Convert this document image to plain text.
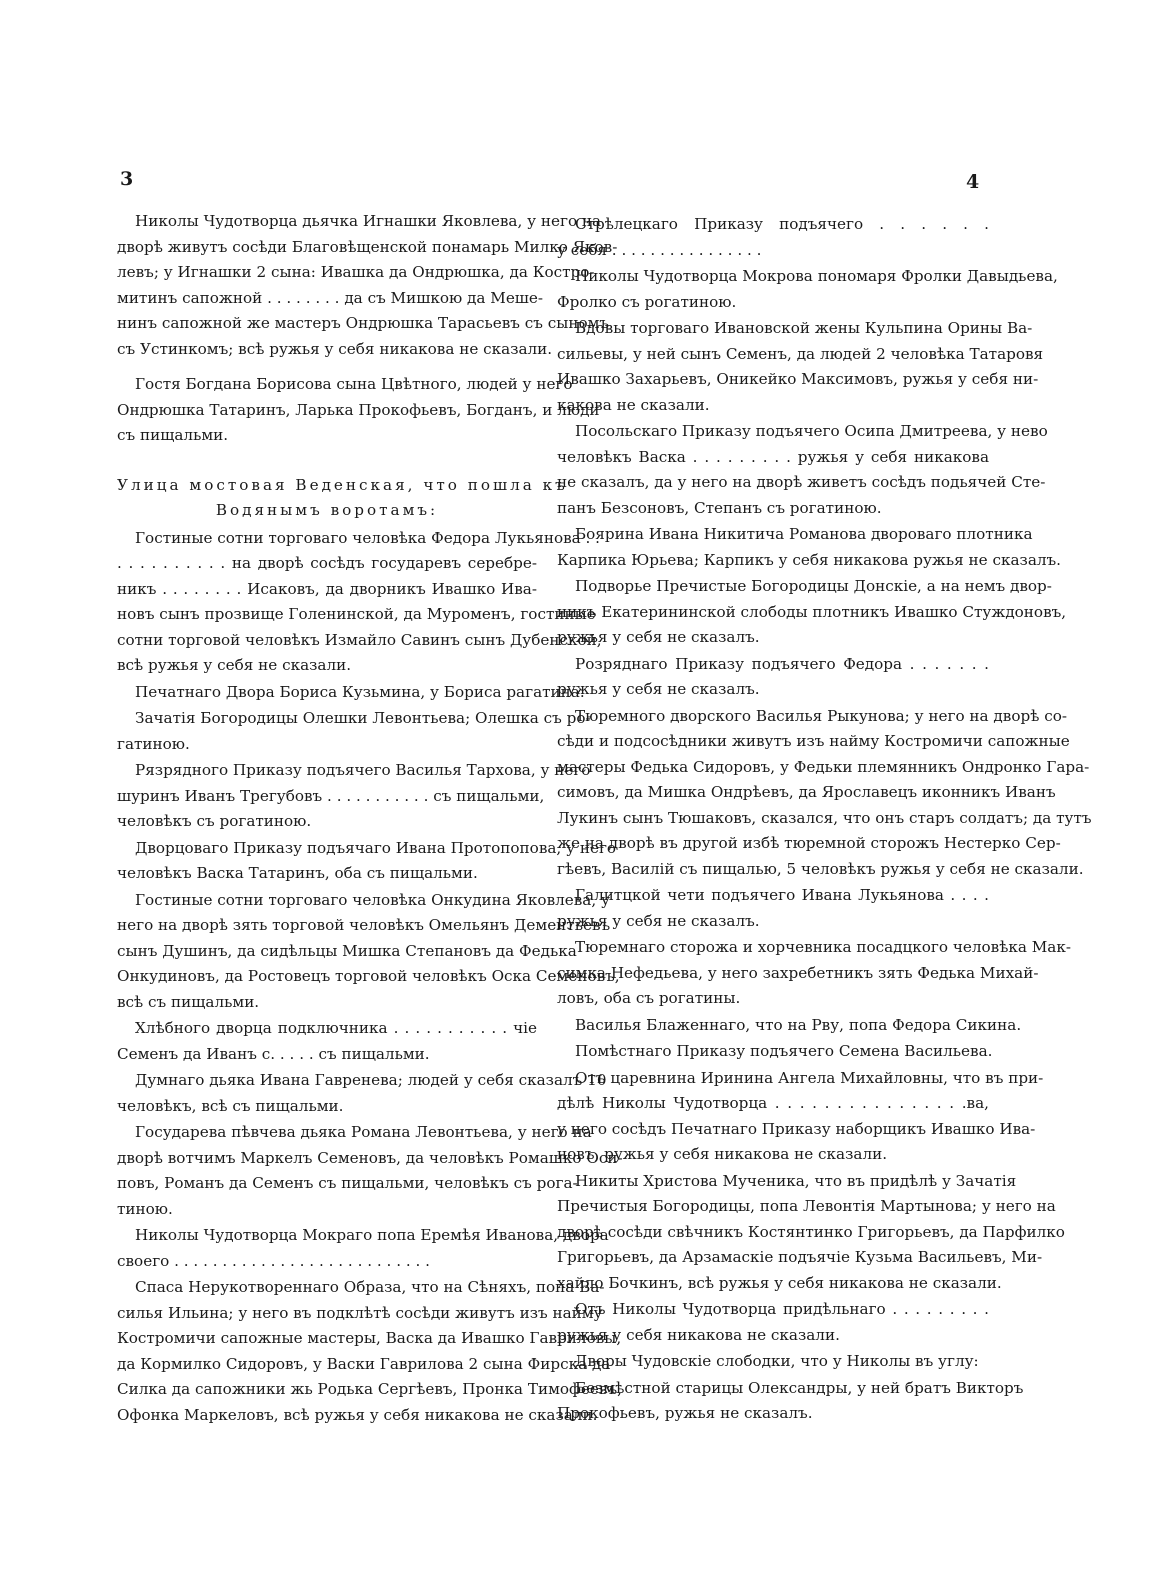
3	4
Николы Чудотворца дьячка Игнашки Яковлева, у него на
дворѣ живутъ сосѣди Благовѣщенской понамарь Милко Яков-
левъ; у Игнашки 2 сына: Ивашка да Ондрюшка, да Костро-
митинъ сапожной . . . . . . . . да съ Мишкою да Меше-
нинъ сапожной же мастеръ Ондрюшка Тарасьевъ съ сыномъ
съ Устинкомъ; всѣ ружья у себя никакова не сказали.
Гостя Богдана Борисова сына Цвѣтного, людей у него
Ондрюшка Татаринъ, Ларька Прокофьевъ, Богданъ, и люди
съ пищальми.
Улица мостовая Веденская, что пошла къ
Водянымъ воротамъ:
Гостиные сотни торговаго человѣка Федора Лукьянова . .
. . . . . . . . . . на дворѣ сосѣдъ государевъ серебре-
никъ . . . . . . . . Исаковъ, да дворникъ Ивашко Ива-
новъ сынъ прозвище Голенинской, да Муроменъ, гостиные
сотни торговой человѣкъ Измайло Савинъ сынъ Дубенской,
всѣ ружья у себя не сказали.
Печатнаго Двора Бориса Кузьмина, у Бориса рагатина.
Зачатія Богородицы Олешки Левонтьева; Олешка съ ро-
гатиною.
Рязрядного Приказу подъячего Василья Тархова, у него
шуринъ Иванъ Трегубовъ . . . . . . . . . . . съ пищальми,
человѣкъ съ рогатиною.
Дворцоваго Приказу подъячаго Ивана Протопопова, у него
человѣкъ Васка Татаринъ, оба съ пищальми.
Гостиные сотни торговаго человѣка Онкудина Яковлева, у
него на дворѣ зять торговой человѣкъ Омельянъ Дементьевъ
сынъ Душинъ, да сидѣльцы Мишка Степановъ да Федька
Онкудиновъ, да Ростовецъ торговой человѣкъ Оска Семеновъ,
всѣ съ пищальми.
Хлѣбного дворца подключника . . . . . . . . . . . чіе
Семенъ да Иванъ с. . . . . съ пищальми.
Думнаго дьяка Ивана Гавренева; людей у себя сказалъ 10
человѣкъ, всѣ съ пищальми.
Государева пѣвчева дьяка Романа Левонтьева, у него на
дворѣ вотчимъ Маркелъ Семеновъ, да человѣкъ Ромашко Оси-
повъ, Романъ да Семенъ съ пищальми, человѣкъ съ рога-
тиною.
Николы Чудотворца Мокраго попа Еремѣя Иванова, двора
своего . . . . . . . . . . . . . . . . . . . . . . . . . . .
Спаса Нерукотвореннаго Образа, что на Сѣняхъ, попа Ва-
силья Ильина; у него въ подклѣтѣ сосѣди живутъ изъ найму
Костромичи сапожные мастеры, Васка да Ивашко Гавриловы,
да Кормилко Сидоровъ, у Васки Гаврилова 2 сына Фирска да
Силка да сапожники жь Родька Сергѣевъ, Пронка Тимофеевъ,
Офонка Маркеловъ, всѣ ружья у себя никакова не сказали.
Стрѣлецкаго Приказу подъячего . . . . . .
у себя . . . . . . . . . . . . . . . .
Николы Чудотворца Мокрова пономаря Фролки Давыдьева,
Фролко съ рогатиною.
Вдовы торговаго Ивановской жены Кульпина Орины Ва-
сильевы, у ней сынъ Семенъ, да людей 2 человѣка Татаровя
Ивашко Захарьевъ, Оникейко Максимовъ, ружья у себя ни-
какова не сказали.
Посольскаго Приказу подъячего Осипа Дмитреева, у нево
человѣкъ Васка . . . . . . . . . ружья у себя никакова
не сказалъ, да у него на дворѣ живетъ сосѣдъ подьячей Сте-
панъ Безсоновъ, Степанъ съ рогатиною.
Боярина Ивана Никитича Романова двороваго плотника
Карпика Юрьева; Карпикъ у себя никакова ружья не сказалъ.
Подворье Пречистые Богородицы Донскіе, а на немъ двор-
никъ Екатерининской слободы плотникъ Ивашко Стуждоновъ,
ружья у себя не сказалъ.
Розряднаго Приказу подъячего Федора . . . . . . .
ружья у себя не сказалъ.
Тюремного дворского Василья Рыкунова; у него на дворѣ со-
сѣди и подсосѣдники живутъ изъ найму Костромичи сапожные
мастеры Федька Сидоровъ, у Федьки племянникъ Ондронко Гара-
симовъ, да Мишка Ондрѣевъ, да Ярославецъ иконникъ Иванъ
Лукинъ сынъ Тюшаковъ, сказался, что онъ старъ солдатъ; да тутъ
же на дворѣ въ другой избѣ тюремной сторожъ Нестерко Сер-
гѣевъ, Василій съ пищалью, 5 человѣкъ ружья у себя не сказали.
Галитцкой чети подъячего Ивана Лукьянова . . . .
ружья у себя не сказалъ.
Тюремнаго сторожа и хорчевника посадцкого человѣка Мак-
симка Нефедьева, у него захребетникъ зять Федька Михай-
ловъ, оба съ рогатины.
Василья Блаженнаго, что на Рву, попа Федора Сикина.
Помѣстнаго Приказу подъячего Семена Васильева.
Отъ царевнина Иринина Ангела Михайловны, что въ при-
дѣлѣ Николы Чудотворца . . . . . . . . . . . . . . . .ва,
у него сосѣдъ Печатнаго Приказу наборщикъ Ивашко Ива-
новъ, ружья у себя никакова не сказали.
Никиты Христова Мученика, что въ придѣлѣ у Зачатія
Пречистыя Богородицы, попа Левонтія Мартынова; у него на
дворѣ сосѣди свѣчникъ Костянтинко Григорьевъ, да Парфилко
Григорьевъ, да Арзамаскіе подъячіе Кузьма Васильевъ, Ми-
хайло Бочкинъ, всѣ ружья у себя никакова не сказали.
Отъ Николы Чудотворца придѣльнаго . . . . . . . . .
ружья у себя никакова не сказали.
Дворы Чудовскіе слободки, что у Николы въ углу:
Безмѣстной старицы Олександры, у ней братъ Викторъ
Прокофьевъ, ружья не сказалъ.
